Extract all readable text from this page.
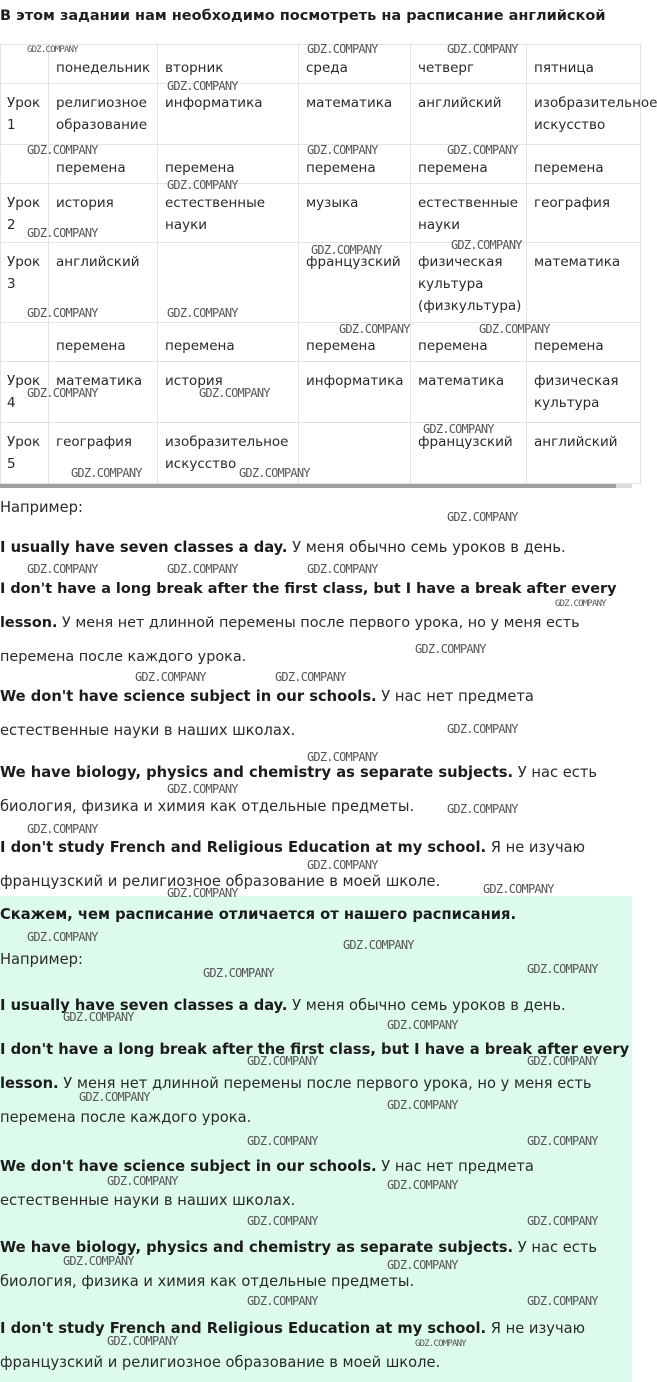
В этом задании нам необходимо посмотреть на расписание английской
	понедельник	вторник	среда	четверг	пятница
Урок 1	религиозное образование	информатика	математика	английский	изобразительное искусство
	перемена	перемена	перемена	перемена	перемена
Урок 2	история	естественные науки	музыка	естественные науки	география
Урок 3	английский		французский	физическая культура (физкультура)	математика
	перемена	перемена	перемена	перемена	перемена
Урок 4	математика	история	информатика	математика	физическая культура
Урок 5	география	изобразительное искусство		французский	английский
Например:
I usually have seven classes a day. У меня обычно семь уроков в день.
I don't have a long break after the first class, but I have a break after every lesson. У меня нет длинной перемены после первого урока, но у меня есть перемена после каждого урока.
We don't have science subject in our schools. У нас нет предмета естественные науки в наших школах.
We have biology, physics and chemistry as separate subjects. У нас есть биология, физика и химия как отдельные предметы.
I don't study French and Religious Education at my school. Я не изучаю французский и религиозное образование в моей школе.
Скажем, чем расписание отличается от нашего расписания.
Например:
I usually have seven classes a day. У меня обычно семь уроков в день.
I don't have a long break after the first class, but I have a break after every lesson. У меня нет длинной перемены после первого урока, но у меня есть перемена после каждого урока.
We don't have science subject in our schools. У нас нет предмета естественные науки в наших школах.
We have biology, physics and chemistry as separate subjects. У нас есть биология, физика и химия как отдельные предметы.
I don't study French and Religious Education at my school. Я не изучаю французский и религиозное образование в моей школе.
GDZ.COMPANY	GDZ.COMPANY	GDZ.COMPANY
GDZ.COMPANY
GDZ.COMPANY	GDZ.COMPANY	GDZ.COMPANY
GDZ.COMPANY
GDZ.COMPANY
GDZ.COMPANY	GDZ.COMPANY
GDZ.COMPANY	GDZ.COMPANY
GDZ.COMPANY	GDZ.COMPANY
GDZ.COMPANY	GDZ.COMPANY
GDZ.COMPANY
GDZ.COMPANY	GDZ.COMPANY
GDZ.COMPANY
GDZ.COMPANY	GDZ.COMPANY	GDZ.COMPANY
GDZ.COMPANY
GDZ.COMPANY
GDZ.COMPANY	GDZ.COMPANY
GDZ.COMPANY
GDZ.COMPANY
GDZ.COMPANY
GDZ.COMPANY
GDZ.COMPANY
GDZ.COMPANY
GDZ.COMPANY	GDZ.COMPANY
GDZ.COMPANY
GDZ.COMPANY
GDZ.COMPANY	GDZ.COMPANY
GDZ.COMPANY
GDZ.COMPANY
GDZ.COMPANY	GDZ.COMPANY
GDZ.COMPANY
GDZ.COMPANY
GDZ.COMPANY	GDZ.COMPANY
GDZ.COMPANY	GDZ.COMPANY
GDZ.COMPANY	GDZ.COMPANY
GDZ.COMPANY	GDZ.COMPANY
GDZ.COMPANY	GDZ.COMPANY
GDZ.COMPANY	GDZ.COMPANY
